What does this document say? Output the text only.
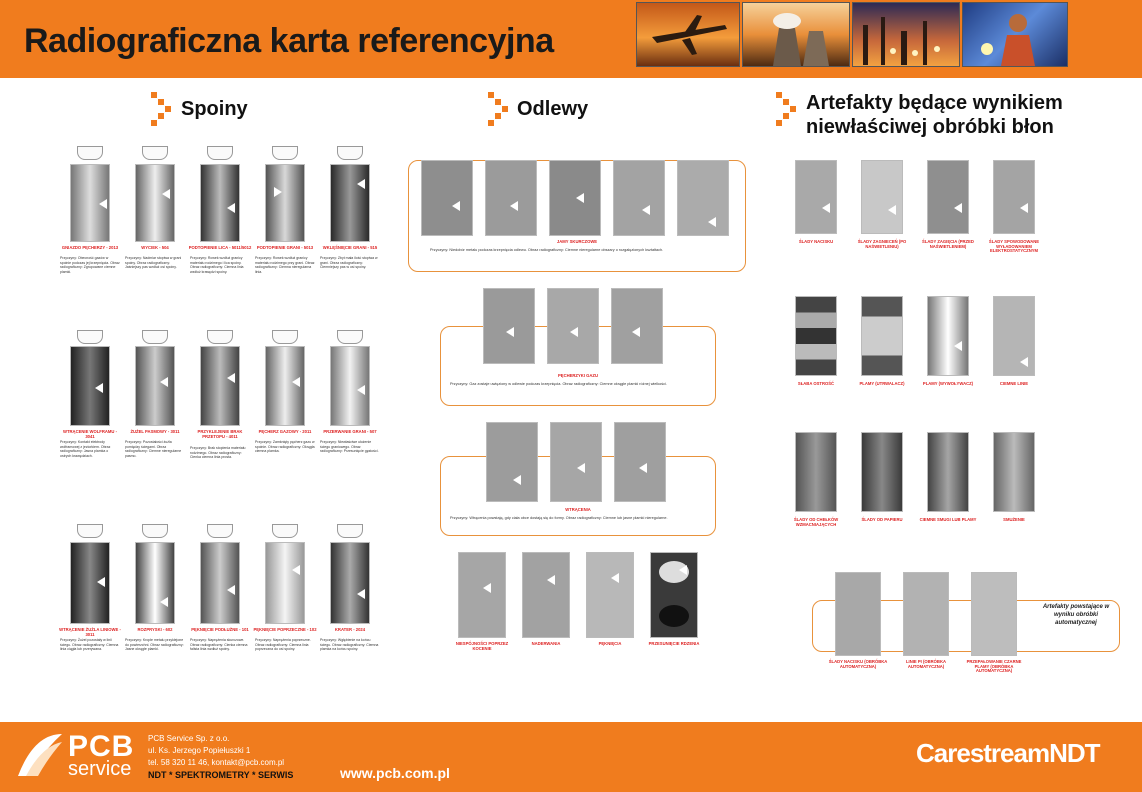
Radiograficzna karta referencyjna
Spoiny	Odlewy	Artefakty będące wynikiem
niewłaściwej obróbki błon
GNIAZDO PĘCHERZY - 2013
Przyczyny: Obecność gazów w spoinie podczas jej krzepnięcia. Obraz radiograficzny: Zgrupowane ciemne plamki.
WYCIEK - 504
Przyczyny: Nadmiar stopiwa w grani spoiny. Obraz radiograficzny: Jaśniejszy pas wzdłuż osi spoiny.
PODTOPIENIE LICA - 5011/5012
Przyczyny: Rowek wzdłuż granicy materiału rodzimego i lica spoiny. Obraz radiograficzny: Ciemna linia wzdłuż krawędzi spoiny.
PODTOPIENIE GRANI - 5013
Przyczyny: Rowek wzdłuż granicy materiału rodzimego przy grani. Obraz radiograficzny: Ciemna nieregularna linia.
WKLĘŚNIĘCIE GRANI - 515
Przyczyny: Zbyt mała ilość stopiwa w grani. Obraz radiograficzny: Ciemniejszy pas w osi spoiny.
WTRĄCENIE WOLFRAMU - 3041
Przyczyny: Kontakt elektrody wolframowej z jeziorkiem. Obraz radiograficzny: Jasna plamka o ostrych krawędziach.
ŻUŻEL PASMOWY - 3011
Przyczyny: Pozostałości żużla pomiędzy ściegami. Obraz radiograficzny: Ciemne nieregularne pasmo.
PRZYKLEJENIE BRAK PRZETOPU - 4011
Przyczyny: Brak stopienia materiału rodzimego. Obraz radiograficzny: Cienka ciemna linia prosta.
PĘCHERZ GAZOWY - 2011
Przyczyny: Zamknięty pęcherz gazu w spoinie. Obraz radiograficzny: Okrągła ciemna plamka.
PRZERWANIE GRANI - 507
Przyczyny: Niewłaściwe ułożenie ściegu graniowego. Obraz radiograficzny: Przesunięcie gęstości.
WTRĄCENIE ŻUŻLA LINIOWE - 3011
Przyczyny: Żużel pozostały w linii ściegu. Obraz radiograficzny: Ciemna linia ciągła lub przerywana.
ROZPRYSKI - 602
Przyczyny: Krople metalu przyklejone do powierzchni. Obraz radiograficzny: Jasne okrągłe plamki.
PĘKNIĘCIE PODŁUŻNE - 101
Przyczyny: Naprężenia skurczowe. Obraz radiograficzny: Cienka ciemna falista linia wzdłuż spoiny.
PĘKNIĘCIE POPRZECZNE - 102
Przyczyny: Naprężenia poprzeczne. Obraz radiograficzny: Ciemna linia poprzeczna do osi spoiny.
KRATER - 2024
Przyczyny: Wgłębienie na końcu ściegu. Obraz radiograficzny: Ciemna plamka na końcu spoiny.
JAMY SKURCZOWE
Przyczyny: Niedobór metalu podczas krzepnięcia odlewu. Obraz radiograficzny: Ciemne nieregularne obszary o rozgałęzionych kształtach.
PĘCHERZYKI GAZU
Przyczyny: Gaz zostaje uwięziony w odlewie podczas krzepnięcia. Obraz radiograficzny: Ciemne okrągłe plamki różnej wielkości.
WTRĄCENIA
Przyczyny: Wtrącenia powstają, gdy ciała obce dostają się do formy. Obraz radiograficzny: Ciemne lub jasne plamki nieregularne.
NIESPÓJNOŚCI POPRZEZ KOCENIE
NADERWANIA	PĘKNIĘCIA	PRZESUNIĘCIE RDZENIA
ŚLADY NACISKU	ŚLADY ZAGNIECEŃ (PO NAŚWIETLENIU)
ŚLADY ZAGIĘCIA (PRZED NAŚWIETLENIEM)
ŚLADY SPOWODOWANE WYŁADOWANIEM ELEKTROSTATYCZNYM
SŁABA OSTROŚĆ	PLAMY (UTRWALACZ)	PLAMY (WYWOŁYWACZ)	CIEMNE LINIE
ŚLADY OD CHEŁKÓW WZMACNIAJĄCYCH
ŚLADY OD PAPIERU	CIEMNE SMUGI LUB PLAMY	SMUŻENIE
ŚLADY NACISKU (OBRÓBKA AUTOMATYCZNA)
LINIE PI (OBRÓBKA AUTOMATYCZNA)
PRZEPAŁOWANIE CZARNE PLAMY (OBRÓBKA AUTOMATYCZNA)
Artefakty powstające w wyniku obróbki automatycznej
PCB
service
PCB Service Sp. z o.o.
ul. Ks. Jerzego Popiełuszki 1
tel. 58 320 11 46, kontakt@pcb.com.pl
NDT * SPEKTROMETRY * SERWIS	www.pcb.com.pl
CarestreamNDT
